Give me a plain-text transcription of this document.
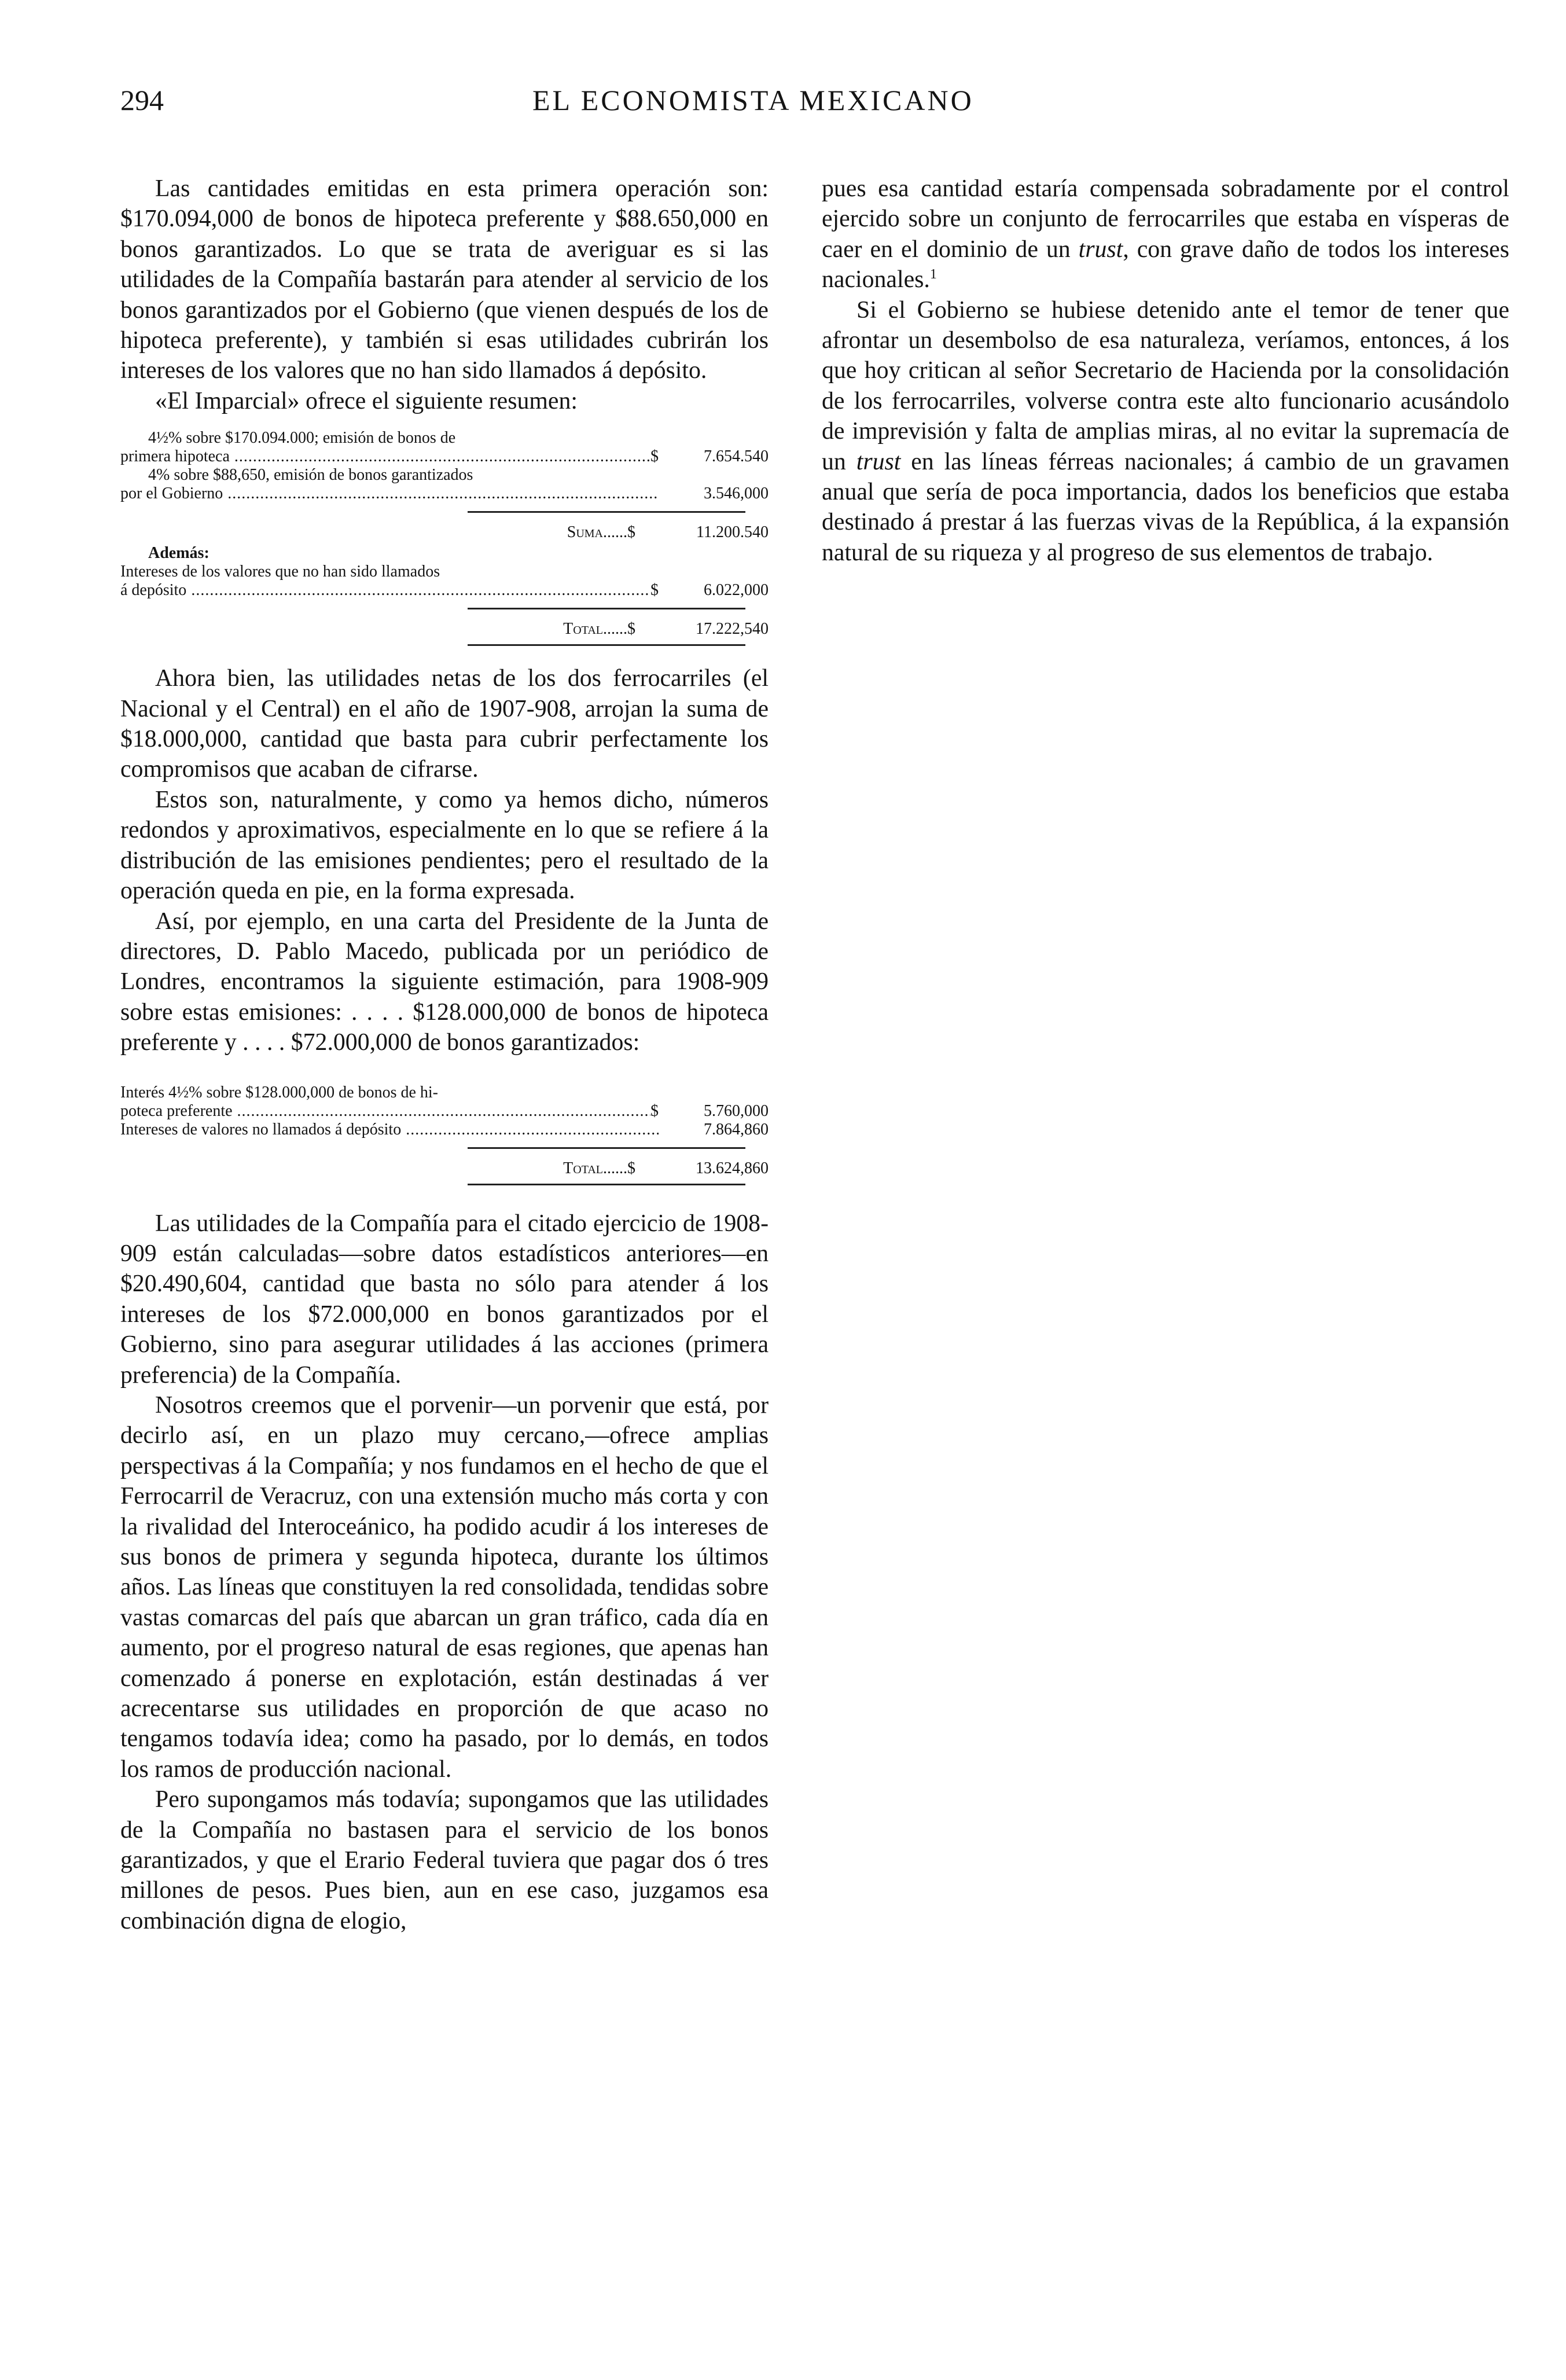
294	EL ECONOMISTA MEXICANO

Las cantidades emitidas en esta primera operación son: $170.094,000 de bonos de hipoteca preferente y $88.650,000 en bonos garantizados. Lo que se trata de averiguar es si las utilidades de la Compañía bastarán para atender al servicio de los bonos garantizados por el Gobierno (que vienen después de los de hipoteca preferente), y también si esas utilidades cubrirán los intereses de los valores que no han sido llamados á depósito.

«El Imparcial» ofrece el siguiente resumen:

4½% sobre $170.094.000; emisión de bonos de
primera hipoteca .....	$	7.654.540
4% sobre $88,650, emisión de bonos garantizados
por el Gobierno .....	3.546,000
Suma......$	11.200.540
Además:
Intereses de los valores que no han sido llamados
á depósito .....	$	6.022,000
Total......$	17.222,540

Ahora bien, las utilidades netas de los dos ferrocarriles (el Nacional y el Central) en el año de 1907-908, arrojan la suma de $18.000,000, cantidad que basta para cubrir perfectamente los compromisos que acaban de cifrarse.

Estos son, naturalmente, y como ya hemos dicho, números redondos y aproximativos, especialmente en lo que se refiere á la distribución de las emisiones pendientes; pero el resultado de la operación queda en pie, en la forma expresada.

Así, por ejemplo, en una carta del Presidente de la Junta de directores, D. Pablo Macedo, publicada por un periódico de Londres, encontramos la siguiente estimación, para 1908-909 sobre estas emisiones: . . . . $128.000,000 de bonos de hipoteca preferente y . . . . $72.000,000 de bonos garantizados:

Interés 4½% sobre $128.000,000 de bonos de hi-
poteca preferente .....	$	5.760,000
Intereses de valores no llamados á depósito .....	7.864,860
Total......$	13.624,860

Las utilidades de la Compañía para el citado ejercicio de 1908-909 están calculadas—sobre datos estadísticos anteriores—en $20.490,604, cantidad que basta no sólo para atender á los intereses de los $72.000,000 en bonos garantizados por el Gobierno, sino para asegurar utilidades á las acciones (primera preferencia) de la Compañía.

Nosotros creemos que el porvenir—un porvenir que está, por decirlo así, en un plazo muy cercano,—ofrece amplias perspectivas á la Compañía; y nos fundamos en el hecho de que el Ferrocarril de Veracruz, con una extensión mucho más corta y con la rivalidad del Interoceánico, ha podido acudir á los intereses de sus bonos de primera y segunda hipoteca, durante los últimos años. Las líneas que constituyen la red consolidada, tendidas sobre vastas comarcas del país que abarcan un gran tráfico, cada día en aumento, por el progreso natural de esas regiones, que apenas han comenzado á ponerse en explotación, están destinadas á ver acrecentarse sus utilidades en proporción de que acaso no tengamos todavía idea; como ha pasado, por lo demás, en todos los ramos de producción nacional.

Pero supongamos más todavía; supongamos que las utilidades de la Compañía no bastasen para el servicio de los bonos garantizados, y que el Erario Federal tuviera que pagar dos ó tres millones de pesos. Pues bien, aun en ese caso, juzgamos esa combinación digna de elogio,

pues esa cantidad estaría compensada sobradamente por el control ejercido sobre un conjunto de ferrocarriles que estaba en vísperas de caer en el dominio de un trust, con grave daño de todos los intereses nacionales.$^1$

Si el Gobierno se hubiese detenido ante el temor de tener que afrontar un desembolso de esa naturaleza, veríamos, entonces, á los que hoy critican al señor Secretario de Hacienda por la consolidación de los ferrocarriles, volverse contra este alto funcionario acusándolo de imprevisión y falta de amplias miras, al no evitar la supremacía de un trust en las líneas férreas nacionales; á cambio de un gravamen anual que sería de poca importancia, dados los beneficios que estaba destinado á prestar á las fuerzas vivas de la República, á la expansión natural de su riqueza y al progreso de sus elementos de trabajo.
